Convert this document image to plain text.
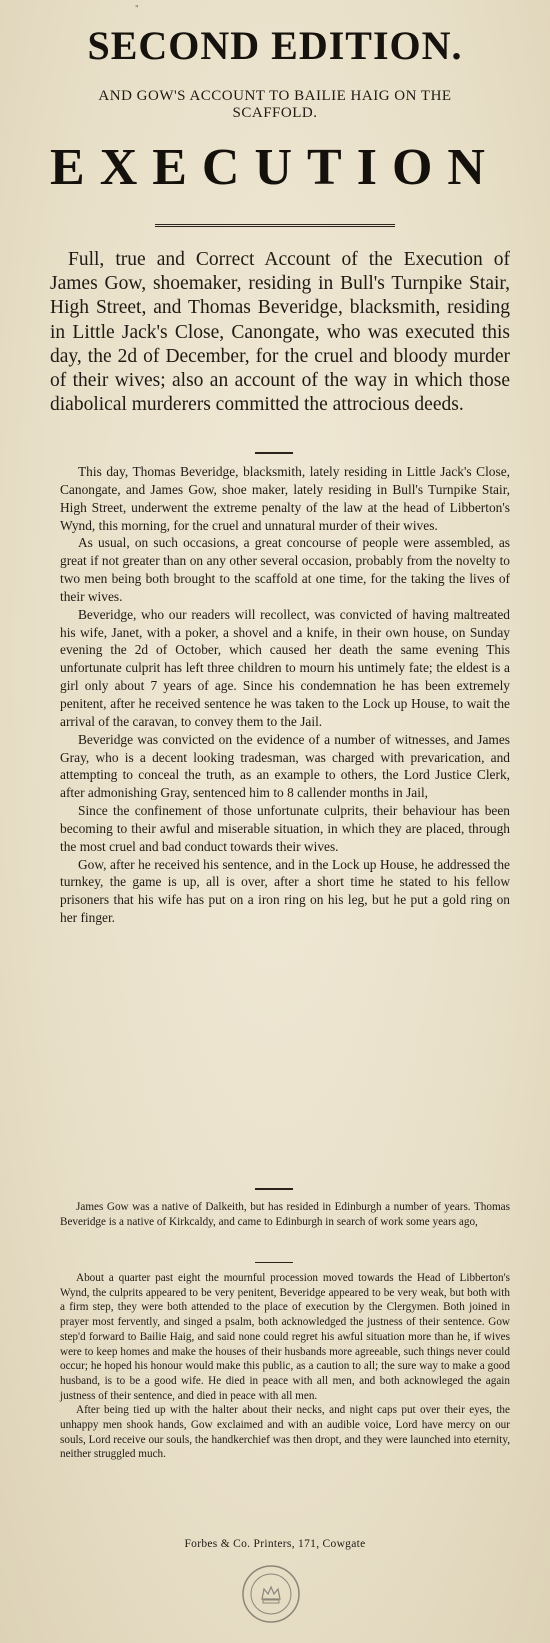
"
SECOND EDITION.
AND GOW'S ACCOUNT TO BAILIE HAIG ON THE SCAFFOLD.
EXECUTION

Full, true and Correct Account of the Execution of James Gow, shoemaker, residing in Bull's Turnpike Stair, High Street, and Thomas Beveridge, blacksmith, residing in Little Jack's Close, Canongate, who was executed this day, the 2d of December, for the cruel and bloody murder of their wives; also an account of the way in which those diabolical murderers committed the attrocious deeds.

This day, Thomas Beveridge, blacksmith, lately residing in Little Jack's Close, Canongate, and James Gow, shoe maker, lately residing in Bull's Turnpike Stair, High Street, underwent the extreme penalty of the law at the head of Libberton's Wynd, this morning, for the cruel and unnatural murder of their wives.

As usual, on such occasions, a great concourse of people were assembled, as great if not greater than on any other several occasion, probably from the novelty to two men being both brought to the scaffold at one time, for the taking the lives of their wives.

Beveridge, who our readers will recollect, was convicted of having maltreated his wife, Janet, with a poker, a shovel and a knife, in their own house, on Sunday evening the 2d of October, which caused her death the same evening This unfortunate culprit has left three children to mourn his untimely fate; the eldest is a girl only about 7 years of age. Since his condemnation he has been extremely penitent, after he received sentence he was taken to the Lock up House, to wait the arrival of the caravan, to convey them to the Jail.

Beveridge was convicted on the evidence of a number of witnesses, and James Gray, who is a decent looking tradesman, was charged with prevarication, and attempting to conceal the truth, as an example to others, the Lord Justice Clerk, after admonishing Gray, sentenced him to 8 callender months in Jail,

Since the confinement of those unfortunate culprits, their behaviour has been becoming to their awful and miserable situation, in which they are placed, through the most cruel and bad conduct towards their wives.

Gow, after he received his sentence, and in the Lock up House, he addressed the turnkey, the game is up, all is over, after a short time he stated to his fellow prisoners that his wife has put on a iron ring on his leg, but he put a gold ring on her finger.

James Gow was a native of Dalkeith, but has resided in Edinburgh a number of years. Thomas Beveridge is a native of Kirkcaldy, and came to Edinburgh in search of work some years ago,

About a quarter past eight the mournful procession moved towards the Head of Libberton's Wynd, the culprits appeared to be very penitent, Beveridge appeared to be very weak, but both with a firm step, they were both attended to the place of execution by the Clergymen. Both joined in prayer most fervently, and singed a psalm, both acknowledged the justness of their sentence. Gow step'd forward to Bailie Haig, and said none could regret his awful situation more than he, if wives were to keep homes and make the houses of their husbands more agreeable, such things never could occur; he hoped his honour would make this public, as a caution to all; the sure way to make a good husband, is to be a good wife. He died in peace with all men, and both acknowleged the again justness of their sentence, and died in peace with all men.

After being tied up with the halter about their necks, and night caps put over their eyes, the unhappy men shook hands, Gow exclaimed and with an audible voice, Lord have mercy on our souls, Lord receive our souls, the handkerchief was then dropt, and they were launched into eternity, neither struggled much.

Forbes & Co. Printers, 171, Cowgate
